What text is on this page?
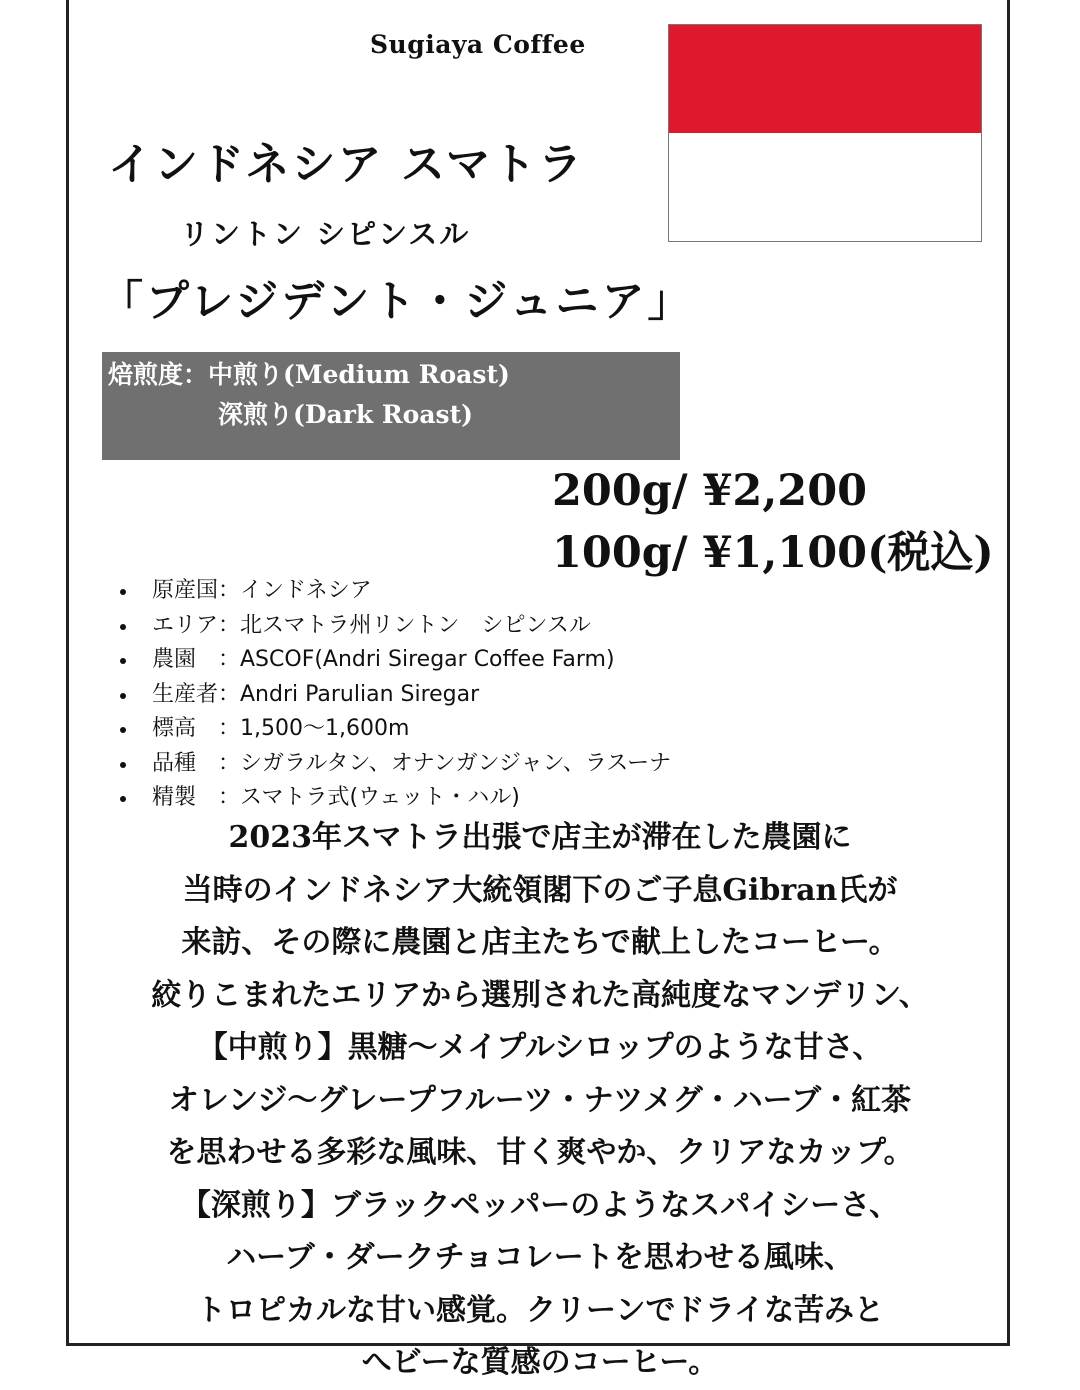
Sugiaya Coffee
インドネシア スマトラ
リントン シピンスル
「プレジデント・ジュニア」
焙煎度：中煎り(Medium Roast)
深煎り(Dark Roast)
200g/ ¥2,200
100g/ ¥1,100(税込)
原産国：インドネシア
エリア：北スマトラ州リントン　シピンスル
農園　：ASCOF(Andri Siregar Coffee Farm)
生産者：Andri Parulian Siregar
標高　：1,500〜1,600m
品種　：シガラルタン、オナンガンジャン、ラスーナ
精製　：スマトラ式(ウェット・ハル)
2023年スマトラ出張で店主が滞在した農園に
当時のインドネシア大統領閣下のご子息Gibran氏が
来訪、その際に農園と店主たちで献上したコーヒー。
絞りこまれたエリアから選別された高純度なマンデリン、
【中煎り】黒糖〜メイプルシロップのような甘さ、
オレンジ〜グレープフルーツ・ナツメグ・ハーブ・紅茶
を思わせる多彩な風味、甘く爽やか、クリアなカップ。
【深煎り】ブラックペッパーのようなスパイシーさ、
ハーブ・ダークチョコレートを思わせる風味、
トロピカルな甘い感覚。クリーンでドライな苦みと
へビーな質感のコーヒー。
